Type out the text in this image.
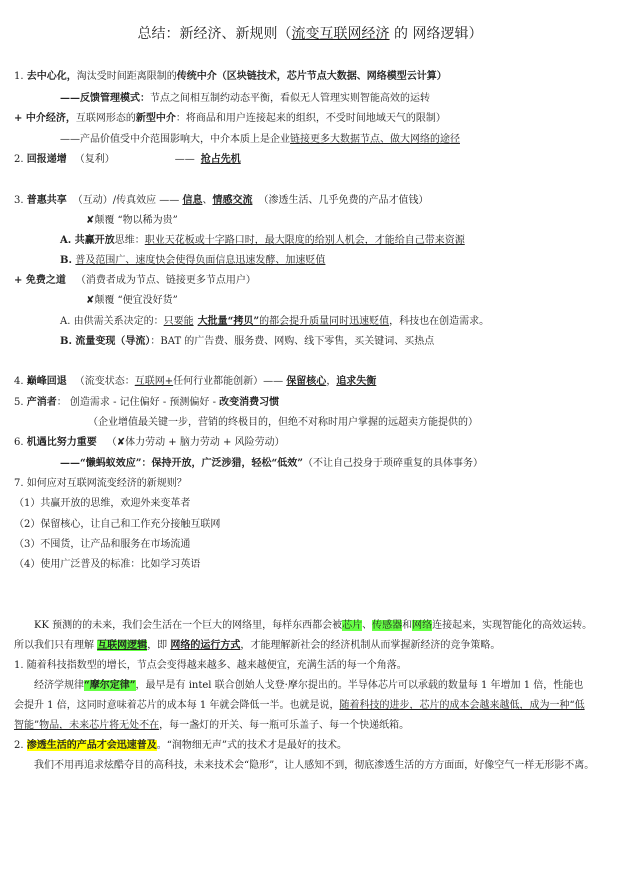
总结：新经济、新规则（流变互联网经济 的 网络逻辑）
1. 去中心化，淘汰受时间距离限制的传统中介（区块链技术，芯片节点大数据、网络模型云计算）
——反馈管理模式：节点之间相互制约动态平衡，看似无人管理实则智能高效的运转
+ 中介经济，互联网形态的新型中介：将商品和用户连接起来的组织，不受时间地域天气的限制）
——产品价值受中介范围影响大，中介本质上是企业链接更多大数据节点、做大网络的途径
2. 回报递增 （复利）	—— 抢占先机
3. 普惠共享 （互动）/传真效应 —— 信息、情感交流 （渗透生活、几乎免费的产品才值钱）
✘颠覆 “物以稀为贵”
A. 共赢开放思维：职业天花板或十字路口时，最大限度的给别人机会，才能给自己带来资源
B. 普及范围广、速度快会使得负面信息迅速发酵、加速贬值
+ 免费之道 （消费者成为节点、链接更多节点用户）
✘颠覆 “便宜没好货”
A. 由供需关系决定的：只要能 大批量“拷贝”的都会提升质量同时迅速贬值，科技也在创造需求。
B. 流量变现（导流）：BAT 的广告费、服务费、网购、线下零售，买关键词、买热点
4. 巅峰回退 （流变状态：互联网+任何行业都能创新）—— 保留核心，追求失衡
5. 产消者： 创造需求 - 记住偏好 - 预测偏好 - 改变消费习惯
（企业增值最关键一步，营销的终极目的，但绝不对称时用户掌握的远超卖方能提供的）
6. 机遇比努力重要 （✘体力劳动 + 脑力劳动 + 风险劳动）
——“懒蚂蚁效应”：保持开放，广泛涉猎，轻松“低效”（不让自己投身于琐碎重复的具体事务）
7. 如何应对互联网流变经济的新规则？
（1）共赢开放的思维，欢迎外来变革者
（2）保留核心，让自己和工作充分接触互联网
（3）不囤货，让产品和服务在市场流通
（4）使用广泛普及的标准：比如学习英语
KK 预测的的未来，我们会生活在一个巨大的网络里，每样东西都会被芯片、传感器和网络连接起来，实现智能化的高效运转。
所以我们只有理解 互联网逻辑，即 网络的运行方式，才能理解新社会的经济机制从而掌握新经济的竞争策略。
1. 随着科技指数型的增长，节点会变得越来越多、越来越便宜，充满生活的每一个角落。
经济学规律“摩尔定律”，最早是有 intel 联合创始人戈登·摩尔提出的。半导体芯片可以承载的数量每 1 年增加 1 倍，性能也
会提升 1 倍，这同时意味着芯片的成本每 1 年就会降低一半。也就是说，随着科技的进步，芯片的成本会越来越低，成为一种“低
智能”物品，未来芯片将无处不在，每一盏灯的开关、每一瓶可乐盖子、每一个快递纸箱。
2. 渗透生活的产品才会迅速普及。“润物细无声”式的技术才是最好的技术。
我们不用再追求炫酷夺目的高科技，未来技术会“隐形”，让人感知不到，彻底渗透生活的方方面面，好像空气一样无形影不离。
